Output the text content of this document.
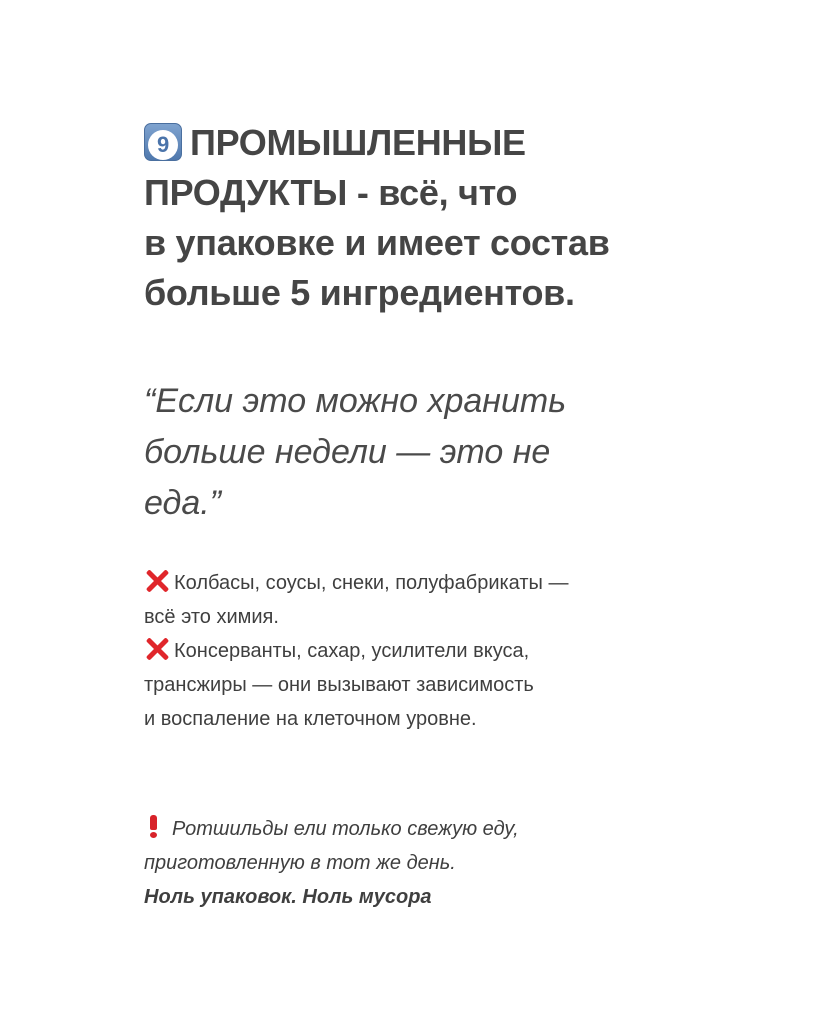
9 ПРОМЫШЛЕННЫЕ
ПРОДУКТЫ - всё, что
в упаковке и имеет состав
больше 5 ингредиентов.

“Если это можно хранить
больше недели — это не
еда.”

Колбасы, соусы, снеки, полуфабрикаты —
всё это химия.
Консерванты, сахар, усилители вкуса,
трансжиры — они вызывают зависимость
и воспаление на клеточном уровне.
Ротшильды ели только свежую еду,
приготовленную в тот же день.
Ноль упаковок. Ноль мусора
